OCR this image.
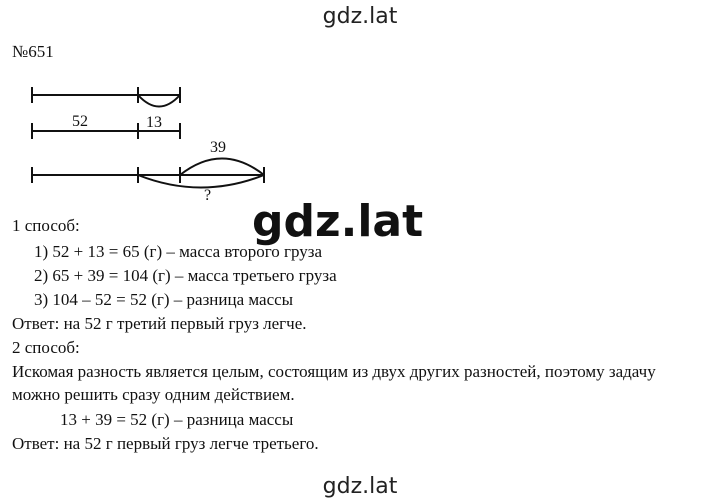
gdz.lat
№651
52	13
39
?
gdz.lat
1 способ:
1) 52 + 13 = 65 (г) – масса второго груза
2) 65 + 39 = 104 (г) – масса третьего груза
3) 104 – 52 = 52 (г) – разница массы
Ответ: на 52 г третий первый груз легче.
2 способ:
Искомая разность является целым, состоящим из двух других разностей, поэтому задачу
можно решить сразу одним действием.
13 + 39 = 52 (г) – разница массы
Ответ: на 52 г первый груз легче третьего.
gdz.lat
